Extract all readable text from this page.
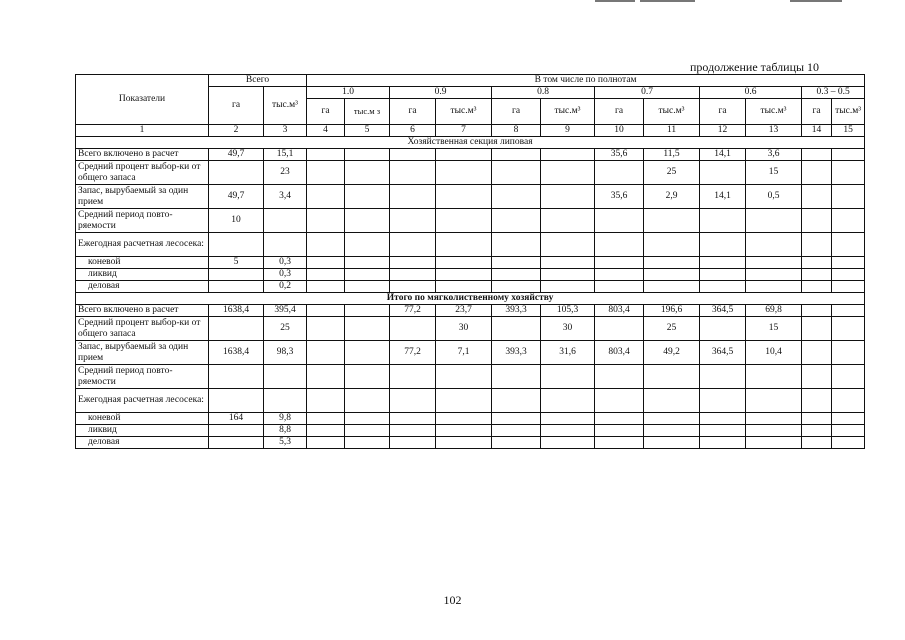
продолжение таблицы 10
Показатели	Всего		В том числе по полнотам											
	га	тыс.м³	1.0		0.9		0.8		0.7		0.6		0.3 – 0.5	
			га	тыс.м з	га	тыс.м³	га	тыс.м³	га	тыс.м³	га	тыс.м³	га	тыс.м³
1	2	3	4	5	6	7	8	9	10	11	12	13	14	15
Хозяйственная секция липовая														
Всего включено в расчет	49,7	15,1							35,6	11,5	14,1	3,6		
Средний процент выбор-ки от общего запаса		23								25		15		
Запас, вырубаемый за один прием	49,7	3,4							35,6	2,9	14,1	0,5		
Средний период повто-ряемости	10													
Ежегодная расчетная лесосека:														
коневой	5	0,3												
ликвид		0,3												
деловая		0,2												
Итого по мягколиственному хозяйству														
Всего включено в расчет	1638,4	395,4			77,2	23,7	393,3	105,3	803,4	196,6	364,5	69,8		
Средний процент выбор-ки от общего запаса		25				30		30		25		15		
Запас, вырубаемый за один прием	1638,4	98,3			77,2	7,1	393,3	31,6	803,4	49,2	364,5	10,4		
Средний период повто-ряемости														
Ежегодная расчетная лесосека:														
коневой	164	9,8												
ликвид		8,8												
деловая		5,3												
102
